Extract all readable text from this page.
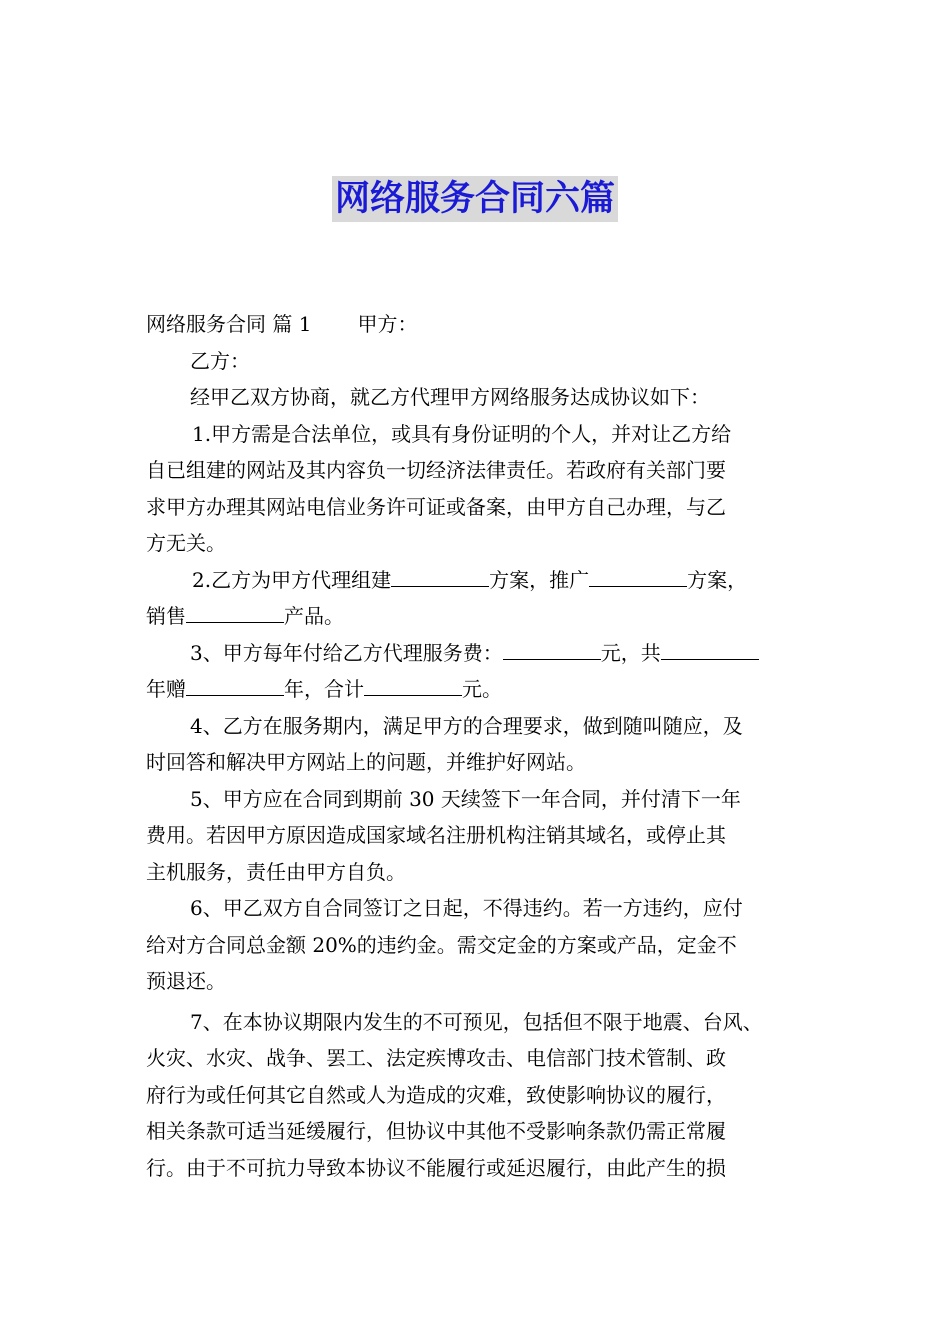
网络服务合同六篇
网络服务合同 篇 1 甲方：
乙方：
经甲乙双方协商，就乙方代理甲方网络服务达成协议如下：
1.甲方需是合法单位，或具有身份证明的个人，并对让乙方给
自已组建的网站及其内容负一切经济法律责任。若政府有关部门要
求甲方办理其网站电信业务许可证或备案，由甲方自己办理，与乙
方无关。
2.乙方为甲方代理组建	方案，推广	方案，
销售	产品。
3、甲方每年付给乙方代理服务费：	元，共
年赠	年，合计	元。
4、乙方在服务期内，满足甲方的合理要求，做到随叫随应，及
时回答和解决甲方网站上的问题，并维护好网站。
5、甲方应在合同到期前 30 天续签下一年合同，并付清下一年
费用。若因甲方原因造成国家域名注册机构注销其域名，或停止其
主机服务，责任由甲方自负。
6、甲乙双方自合同签订之日起，不得违约。若一方违约，应付
给对方合同总金额 20%的违约金。需交定金的方案或产品，定金不
预退还。
7、在本协议期限内发生的不可预见，包括但不限于地震、台风、
火灾、水灾、战争、罢工、法定疾博攻击、电信部门技术管制、政
府行为或任何其它自然或人为造成的灾难，致使影响协议的履行，
相关条款可适当延缓履行，但协议中其他不受影响条款仍需正常履
行。由于不可抗力导致本协议不能履行或延迟履行，由此产生的损
